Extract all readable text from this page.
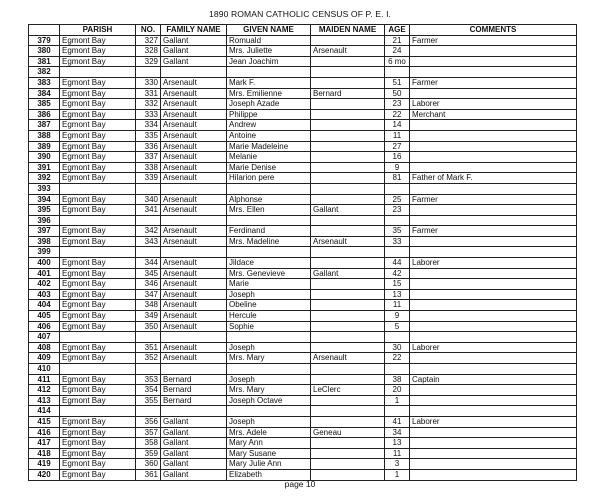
1890 ROMAN CATHOLIC CENSUS OF P. E. I.
	PARISH	NO.	FAMILY NAME	GIVEN NAME	MAIDEN NAME	AGE	COMMENTS
379	Egmont Bay	327	Gallant	Romuald		21	Farmer
380	Egmont Bay	328	Gallant	Mrs. Juliette	Arsenault	24	
381	Egmont Bay	329	Gallant	Jean Joachim		6 mo	
382							
383	Egmont Bay	330	Arsenault	Mark F.		51	Farmer
384	Egmont Bay	331	Arsenault	Mrs. Emilienne	Bernard	50	
385	Egmont Bay	332	Arsenault	Joseph Azade		23	Laborer
386	Egmont Bay	333	Arsenault	Philippe		22	Merchant
387	Egmont Bay	334	Arsenault	Andrew		14	
388	Egmont Bay	335	Arsenault	Antoine		11	
389	Egmont Bay	336	Arsenault	Marie Madeleine		27	
390	Egmont Bay	337	Arsenault	Melanie		16	
391	Egmont Bay	338	Arsenault	Marie Denise		9	
392	Egmont Bay	339	Arsenault	Hilarion pere		81	Father of Mark F.
393							
394	Egmont Bay	340	Arsenault	Alphonse		25	Farmer
395	Egmont Bay	341	Arsenault	Mrs. Ellen	Gallant	23	
396							
397	Egmont Bay	342	Arsenault	Ferdinand		35	Farmer
398	Egmont Bay	343	Arsenault	Mrs. Madeline	Arsenault	33	
399							
400	Egmont Bay	344	Arsenault	Jildace		44	Laborer
401	Egmont Bay	345	Arsenault	Mrs. Genevieve	Gallant	42	
402	Egmont Bay	346	Arsenault	Marie		15	
403	Egmont Bay	347	Arsenault	Joseph		13	
404	Egmont Bay	348	Arsenault	Obeline		11	
405	Egmont Bay	349	Arsenault	Hercule		9	
406	Egmont Bay	350	Arsenault	Sophie		5	
407							
408	Egmont Bay	351	Arsenault	Joseph		30	Laborer
409	Egmont Bay	352	Arsenault	Mrs. Mary	Arsenault	22	
410							
411	Egmont Bay	353	Bernard	Joseph		38	Captain
412	Egmont Bay	354	Bernard	Mrs. Mary	LeClerc	20	
413	Egmont Bay	355	Bernard	Joseph Octave		1	
414							
415	Egmont Bay	356	Gallant	Joseph		41	Laborer
416	Egmont Bay	357	Gallant	Mrs. Adele	Geneau	34	
417	Egmont Bay	358	Gallant	Mary Ann		13	
418	Egmont Bay	359	Gallant	Mary Susane		11	
419	Egmont Bay	360	Gallant	Mary Julie Ann		3	
420	Egmont Bay	361	Gallant	Elizabeth		1	
page 10
